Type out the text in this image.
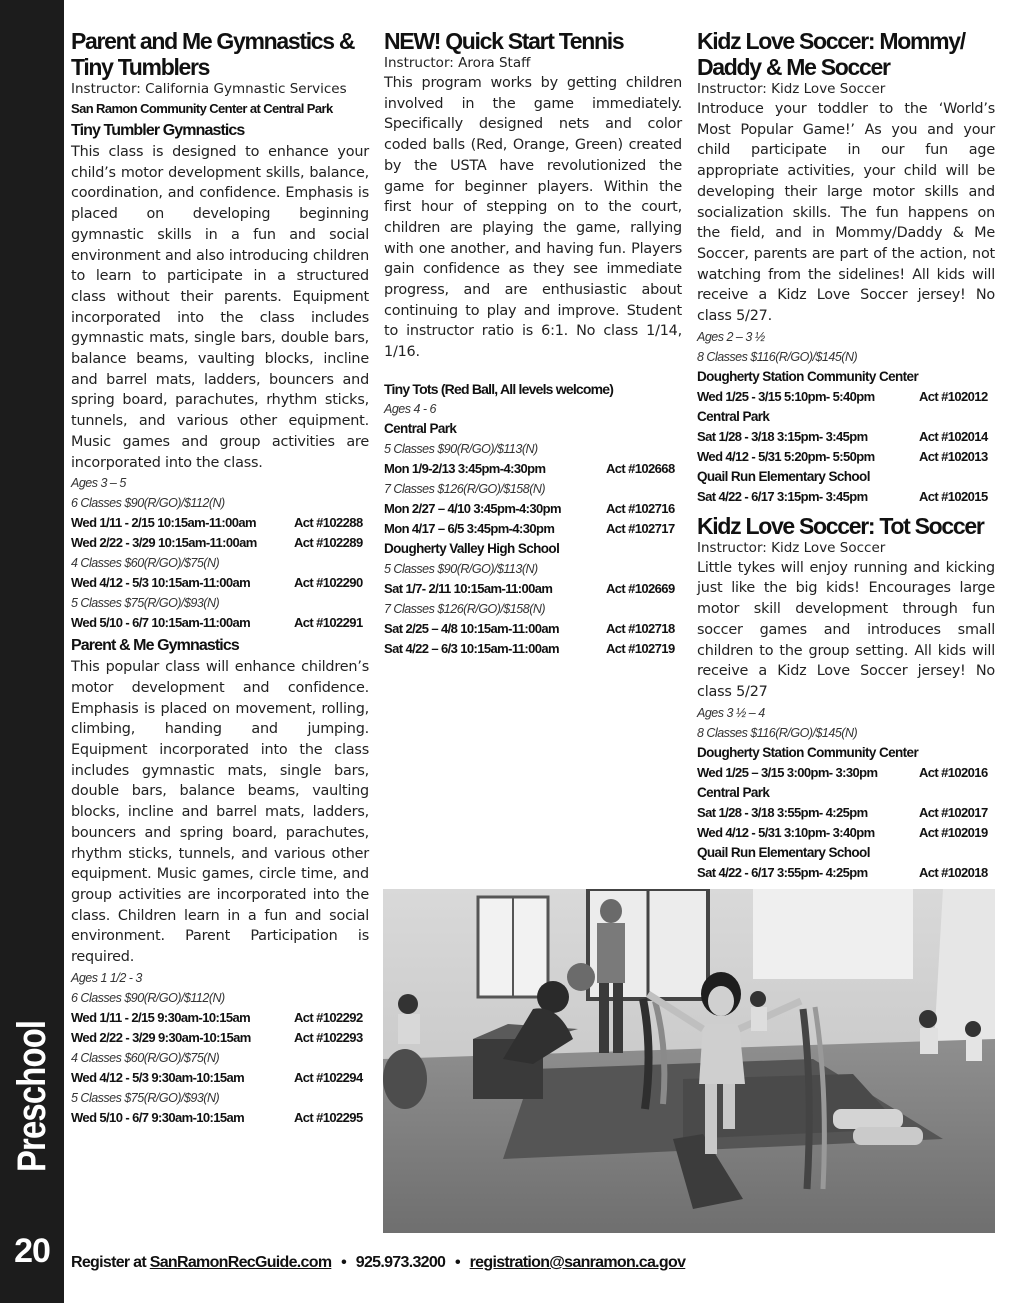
Preschool
20
Parent and Me Gymnastics & Tiny Tumblers
Instructor: California Gymnastic Services
San Ramon Community Center at Central Park
Tiny Tumbler Gymnastics
This class is designed to enhance your child’s motor development skills, balance, coordination, and confidence. Emphasis is placed on developing beginning gymnastic skills in a fun and social environment and also introducing children to learn to participate in a structured class without their parents. Equipment incorporated into the class includes gymnastic mats, single bars, double bars, balance beams, vaulting blocks, incline and barrel mats, ladders, bouncers and spring board, parachutes, rhythm sticks, tunnels, and various other equipment. Music games and group activities are incorporated into the class.
Ages 3 – 5
6 Classes $90(R/GO)/$112(N)
Wed 1/11 - 2/15 10:15am-11:00am	Act #102288
Wed 2/22 - 3/29 10:15am-11:00am	Act #102289
4 Classes $60(R/GO)/$75(N)
Wed 4/12 - 5/3 10:15am-11:00am	Act #102290
5 Classes $75(R/GO)/$93(N)
Wed 5/10 - 6/7 10:15am-11:00am	Act #102291
Parent & Me Gymnastics
This popular class will enhance children’s motor development and confidence. Emphasis is placed on movement, rolling, climbing, handing and jumping. Equipment incorporated into the class includes gymnastic mats, single bars, double bars, balance beams, vaulting blocks, incline and barrel mats, ladders, bouncers and spring board, parachutes, rhythm sticks, tunnels, and various other equipment. Music games, circle time, and group activities are incorporated into the class. Children learn in a fun and social environment. Parent Participation is required.
Ages 1 1/2 - 3
6 Classes $90(R/GO)/$112(N)
Wed 1/11 - 2/15 9:30am-10:15am	Act #102292
Wed 2/22 - 3/29 9:30am-10:15am	Act #102293
4 Classes $60(R/GO)/$75(N)
Wed 4/12 - 5/3 9:30am-10:15am	Act #102294
5 Classes $75(R/GO)/$93(N)
Wed 5/10 - 6/7 9:30am-10:15am	Act #102295
NEW! Quick Start Tennis
Instructor: Arora Staff
This program works by getting children involved in the game immediately. Specifically designed nets and color coded balls (Red, Orange, Green) created by the USTA have revolutionized the game for beginner players. Within the first hour of stepping on to the court, children are playing the game, rallying with one another, and having fun. Players gain confidence as they see immediate progress, and are enthusiastic about continuing to play and improve. Student to instructor ratio is 6:1. No class 1/14, 1/16.
Tiny Tots (Red Ball, All levels welcome)
Ages 4 - 6
Central Park
5 Classes $90(R/GO)/$113(N)
Mon 1/9-2/13 3:45pm-4:30pm	Act #102668
7 Classes $126(R/GO)/$158(N)
Mon 2/27 – 4/10 3:45pm-4:30pm	Act #102716
Mon 4/17 – 6/5 3:45pm-4:30pm	Act #102717
Dougherty Valley High School
5 Classes $90(R/GO)/$113(N)
Sat 1/7- 2/11 10:15am-11:00am	Act #102669
7 Classes $126(R/GO)/$158(N)
Sat 2/25 – 4/8 10:15am-11:00am	Act #102718
Sat 4/22 – 6/3 10:15am-11:00am	Act #102719
Kidz Love Soccer: Mommy/ Daddy & Me Soccer
Instructor: Kidz Love Soccer
Introduce your toddler to the ‘World’s Most Popular Game!’ As you and your child participate in our fun age appropriate activities, your child will be developing their large motor skills and socialization skills. The fun happens on the field, and in Mommy/Daddy & Me Soccer, parents are part of the action, not watching from the sidelines! All kids will receive a Kidz Love Soccer jersey! No class 5/27.
Ages 2 – 3 ½
8 Classes $116(R/GO)/$145(N)
Dougherty Station Community Center
Wed 1/25 - 3/15 5:10pm- 5:40pm	Act #102012
Central Park
Sat 1/28 - 3/18 3:15pm- 3:45pm	Act #102014
Wed 4/12 - 5/31 5:20pm- 5:50pm	Act #102013
Quail Run Elementary School
Sat 4/22 - 6/17 3:15pm- 3:45pm	Act #102015
Kidz Love Soccer: Tot Soccer
Instructor: Kidz Love Soccer
Little tykes will enjoy running and kicking just like the big kids! Encourages large motor skill development through fun soccer games and introduces small children to the group setting. All kids will receive a Kidz Love Soccer jersey! No class 5/27
Ages 3 ½ – 4
8 Classes $116(R/GO)/$145(N)
Dougherty Station Community Center
Wed 1/25 – 3/15 3:00pm- 3:30pm	Act #102016
Central Park
Sat 1/28 - 3/18 3:55pm- 4:25pm	Act #102017
Wed 4/12 - 5/31 3:10pm- 3:40pm	Act #102019
Quail Run Elementary School
Sat 4/22 - 6/17 3:55pm- 4:25pm	Act #102018
Register at SanRamonRecGuide.com • 925.973.3200 • registration@sanramon.ca.gov
